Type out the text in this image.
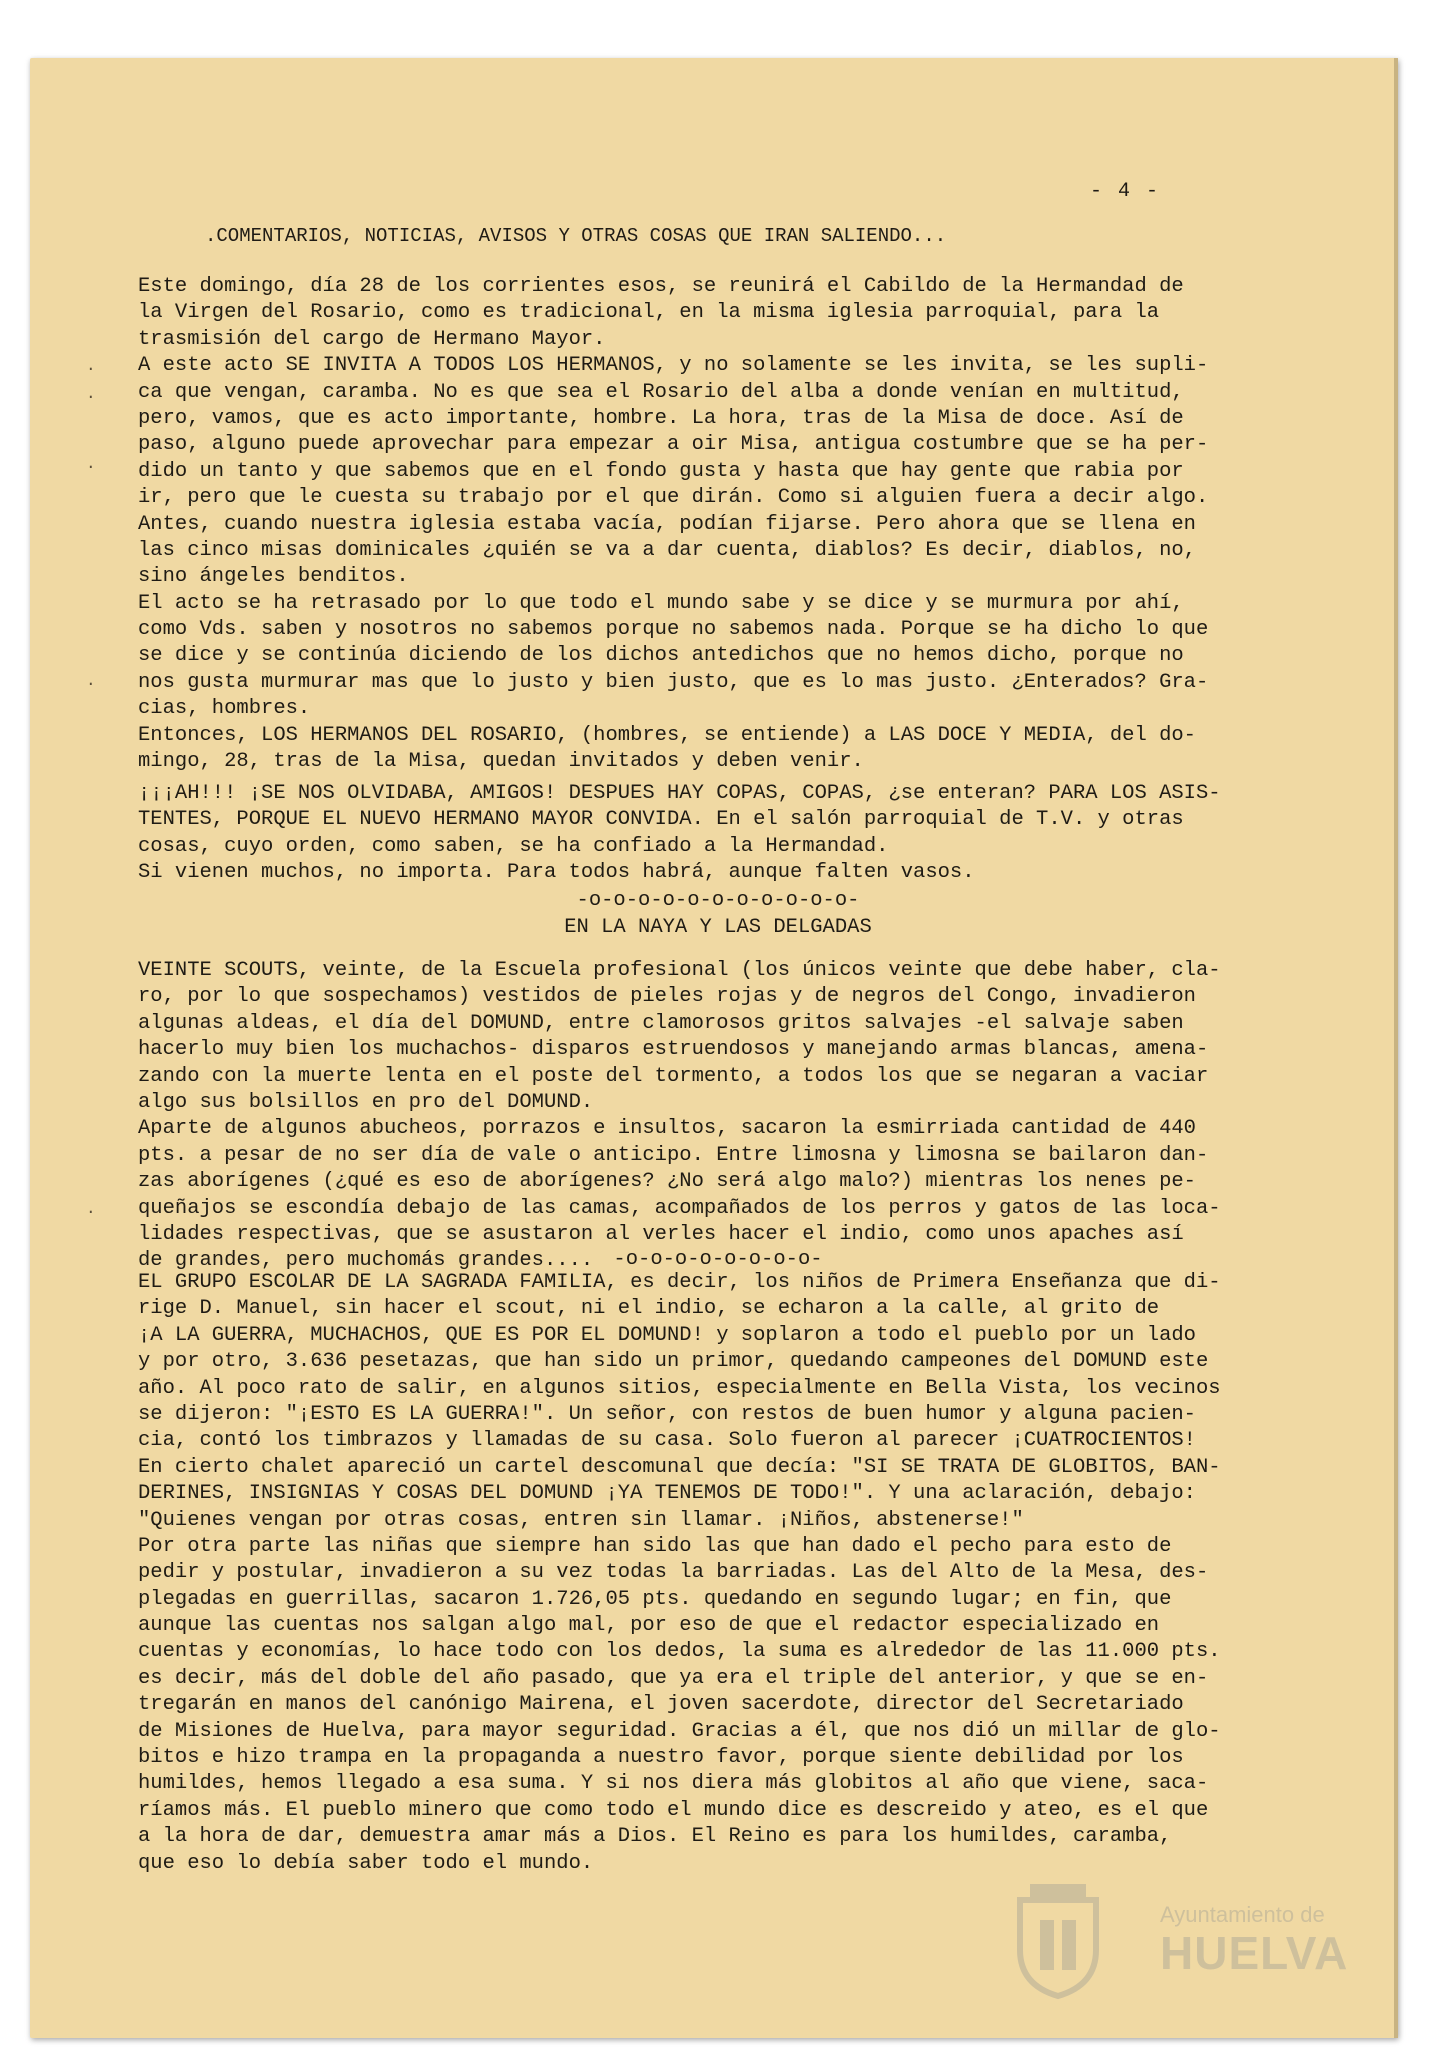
- 4 -
.COMENTARIOS, NOTICIAS, AVISOS Y OTRAS COSAS QUE IRAN SALIENDO...
Este domingo, día 28 de los corrientes esos, se reunirá el Cabildo de la Hermandad de
la Virgen del Rosario, como es tradicional, en la misma iglesia parroquial, para la
trasmisión del cargo de Hermano Mayor.
A este acto SE INVITA A TODOS LOS HERMANOS, y no solamente se les invita, se les supli-
ca que vengan, caramba. No es que sea el Rosario del alba a donde venían en multitud,
pero, vamos, que es acto importante, hombre. La hora, tras de la Misa de doce. Así de
paso, alguno puede aprovechar para empezar a oir Misa, antigua costumbre que se ha per-
dido un tanto y que sabemos que en el fondo gusta y hasta que hay gente que rabia por
ir, pero que le cuesta su trabajo por el que dirán. Como si alguien fuera a decir algo.
Antes, cuando nuestra iglesia estaba vacía, podían fijarse. Pero ahora que se llena en
las cinco misas dominicales ¿quién se va a dar cuenta, diablos? Es decir, diablos, no,
sino ángeles benditos.
El acto se ha retrasado por lo que todo el mundo sabe y se dice y se murmura por ahí,
como Vds. saben y nosotros no sabemos porque no sabemos nada. Porque se ha dicho lo que
se dice y se continúa diciendo de los dichos antedichos que no hemos dicho, porque no
nos gusta murmurar mas que lo justo y bien justo, que es lo mas justo. ¿Enterados? Gra-
cias, hombres.
Entonces, LOS HERMANOS DEL ROSARIO, (hombres, se entiende) a LAS DOCE Y MEDIA, del do-
mingo, 28, tras de la Misa, quedan invitados y deben venir.
¡¡¡AH!!! ¡SE NOS OLVIDABA, AMIGOS! DESPUES HAY COPAS, COPAS, ¿se enteran? PARA LOS ASIS-
TENTES, PORQUE EL NUEVO HERMANO MAYOR CONVIDA. En el salón parroquial de T.V. y otras
cosas, cuyo orden, como saben, se ha confiado a la Hermandad.
Si vienen muchos, no importa. Para todos habrá, aunque falten vasos.
-o-o-o-o-o-o-o-o-o-o-o-
EN LA NAYA Y LAS DELGADAS
VEINTE SCOUTS, veinte, de la Escuela profesional (los únicos veinte que debe haber, cla-
ro, por lo que sospechamos) vestidos de pieles rojas y de negros del Congo, invadieron
algunas aldeas, el día del DOMUND, entre clamorosos gritos salvajes -el salvaje saben
hacerlo muy bien los muchachos- disparos estruendosos y manejando armas blancas, amena-
zando con la muerte lenta en el poste del tormento, a todos los que se negaran a vaciar
algo sus bolsillos en pro del DOMUND.
Aparte de algunos abucheos, porrazos e insultos, sacaron la esmirriada cantidad de 440
pts. a pesar de no ser día de vale o anticipo. Entre limosna y limosna se bailaron dan-
zas aborígenes (¿qué es eso de aborígenes? ¿No será algo malo?) mientras los nenes pe-
queñajos se escondía debajo de las camas, acompañados de los perros y gatos de las loca-
lidades respectivas, que se asustaron al verles hacer el indio, como unos apaches así
de grandes, pero muchomás grandes.... -o-o-o-o-o-o-o-o-
EL GRUPO ESCOLAR DE LA SAGRADA FAMILIA, es decir, los niños de Primera Enseñanza que di-
rige D. Manuel, sin hacer el scout, ni el indio, se echaron a la calle, al grito de
¡A LA GUERRA, MUCHACHOS, QUE ES POR EL DOMUND! y soplaron a todo el pueblo por un lado
y por otro, 3.636 pesetazas, que han sido un primor, quedando campeones del DOMUND este
año. Al poco rato de salir, en algunos sitios, especialmente en Bella Vista, los vecinos
se dijeron: "¡ESTO ES LA GUERRA!". Un señor, con restos de buen humor y alguna pacien-
cia, contó los timbrazos y llamadas de su casa. Solo fueron al parecer ¡CUATROCIENTOS!
En cierto chalet apareció un cartel descomunal que decía: "SI SE TRATA DE GLOBITOS, BAN-
DERINES, INSIGNIAS Y COSAS DEL DOMUND ¡YA TENEMOS DE TODO!". Y una aclaración, debajo:
"Quienes vengan por otras cosas, entren sin llamar. ¡Niños, abstenerse!"
Por otra parte las niñas que siempre han sido las que han dado el pecho para esto de
pedir y postular, invadieron a su vez todas la barriadas. Las del Alto de la Mesa, des-
plegadas en guerrillas, sacaron 1.726,05 pts. quedando en segundo lugar; en fin, que
aunque las cuentas nos salgan algo mal, por eso de que el redactor especializado en
cuentas y economías, lo hace todo con los dedos, la suma es alrededor de las 11.000 pts.
es decir, más del doble del año pasado, que ya era el triple del anterior, y que se en-
tregarán en manos del canónigo Mairena, el joven sacerdote, director del Secretariado
de Misiones de Huelva, para mayor seguridad. Gracias a él, que nos dió un millar de glo-
bitos e hizo trampa en la propaganda a nuestro favor, porque siente debilidad por los
humildes, hemos llegado a esa suma. Y si nos diera más globitos al año que viene, saca-
ríamos más. El pueblo minero que como todo el mundo dice es descreido y ateo, es el que
a la hora de dar, demuestra amar más a Dios. El Reino es para los humildes, caramba,
que eso lo debía saber todo el mundo.
·
·
·
·
·
Ayuntamiento de
HUELVA
